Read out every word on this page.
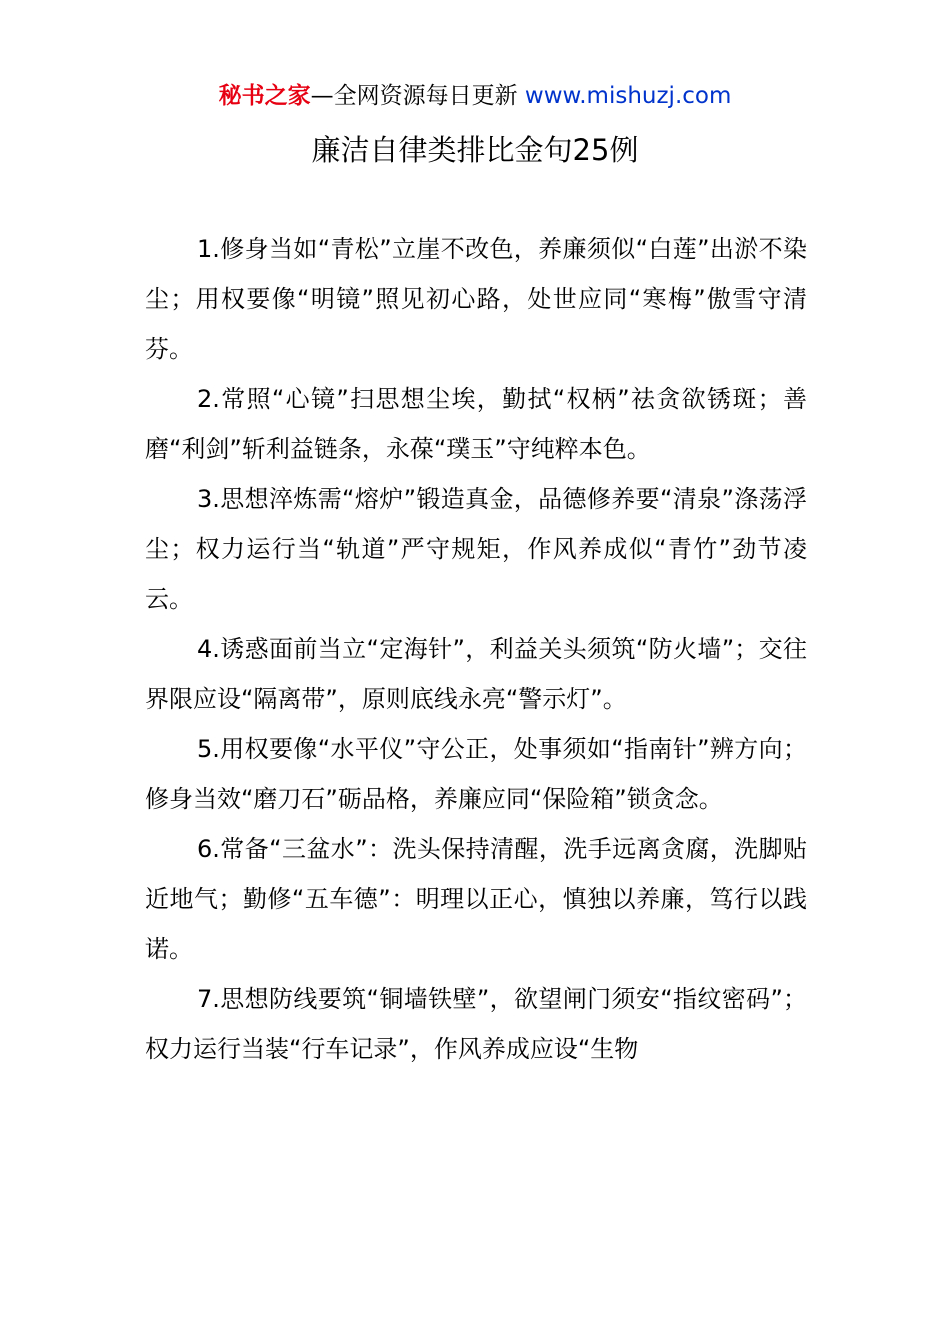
秘书之家—全网资源每日更新 www.mishuzj.com
廉洁自律类排比金句25例

1.修身当如“青松”立崖不改色，养廉须似“白莲”出淤不染尘；用权要像“明镜”照见初心路，处世应同“寒梅”傲雪守清芬。

2.常照“心镜”扫思想尘埃，勤拭“权柄”祛贪欲锈斑；善磨“利剑”斩利益链条，永葆“璞玉”守纯粹本色。

3.思想淬炼需“熔炉”锻造真金，品德修养要“清泉”涤荡浮尘；权力运行当“轨道”严守规矩，作风养成似“青竹”劲节凌云。

4.诱惑面前当立“定海针”，利益关头须筑“防火墙”；交往界限应设“隔离带”，原则底线永亮“警示灯”。

5.用权要像“水平仪”守公正，处事须如“指南针”辨方向；修身当效“磨刀石”砺品格，养廉应同“保险箱”锁贪念。

6.常备“三盆水”：洗头保持清醒，洗手远离贪腐，洗脚贴近地气；勤修“五车德”：明理以正心，慎独以养廉，笃行以践诺。

7.思想防线要筑“铜墙铁壁”，欲望闸门须安“指纹密码”；权力运行当装“行车记录”，作风养成应设“生物
